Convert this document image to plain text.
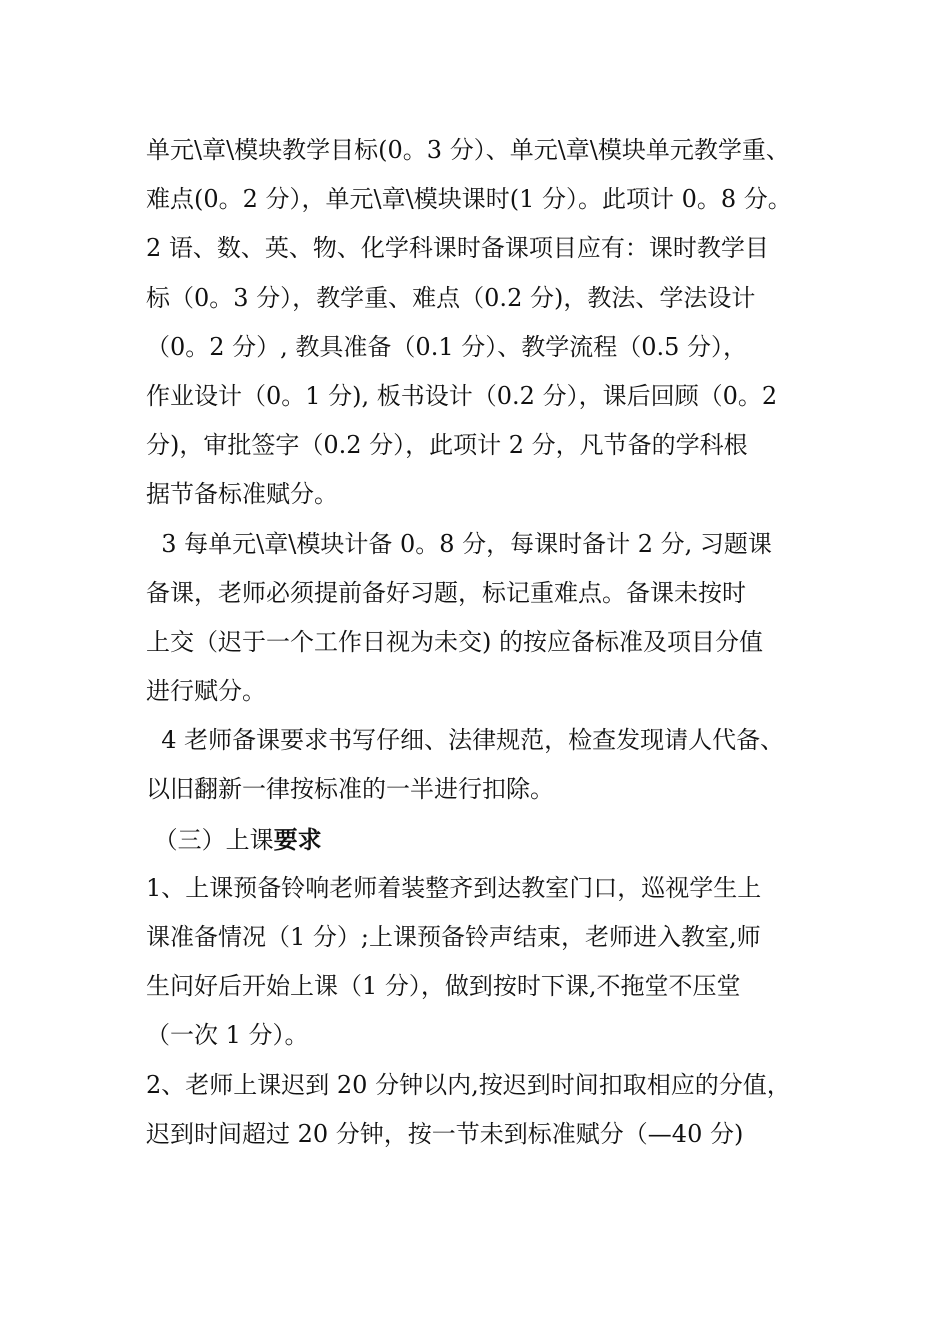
单元\章\模块教学目标(0。3 分）、单元\章\模块单元教学重、
难点(0。2 分），单元\章\模块课时(1 分）。此项计 0。8 分。
2 语、数、英、物、化学科课时备课项目应有：课时教学目
标（0。3 分），教学重、难点（0.2 分)，教法、学法设计
（0。2 分）, 教具准备（0.1 分）、教学流程（0.5 分），
作业设计（0。1 分), 板书设计（0.2 分），课后回顾（0。2
分)，审批签字（0.2 分），此项计 2 分，凡节备的学科根
据节备标准赋分。
3 每单元\章\模块计备 0。8 分，每课时备计 2 分, 习题课
备课，老师必须提前备好习题，标记重难点。备课未按时
上交（迟于一个工作日视为未交) 的按应备标准及项目分值
进行赋分。
4 老师备课要求书写仔细、法律规范，检查发现请人代备、
以旧翻新一律按标准的一半进行扣除。
（三）上课要求
1、上课预备铃响老师着装整齐到达教室门口，巡视学生上
课准备情况（1 分）;上课预备铃声结束，老师进入教室,师
生问好后开始上课（1 分），做到按时下课,不拖堂不压堂
（一次 1 分）。
2、老师上课迟到 20 分钟以内,按迟到时间扣取相应的分值，
迟到时间超过 20 分钟，按一节未到标准赋分（—40 分)
